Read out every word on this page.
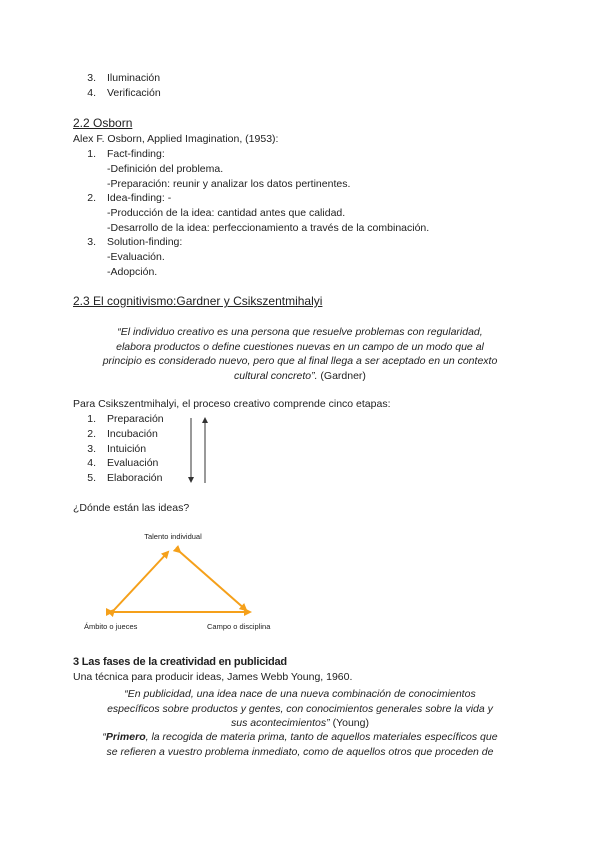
3. Iluminación
4. Verificación
2.2 Osborn
Alex F. Osborn, Applied Imagination, (1953):
1. Fact-finding:
-Definición del problema.
-Preparación: reunir y analizar los datos pertinentes.
2. Idea-finding: -
-Producción de la idea: cantidad antes que calidad.
-Desarrollo de la idea: perfeccionamiento a través de la combinación.
3. Solution-finding:
-Evaluación.
-Adopción.
2.3 El cognitivismo:Gardner y Csikszentmihalyi
“El individuo creativo es una persona que resuelve problemas con regularidad,
elabora productos o define cuestiones nuevas en un campo de un modo que al
principio es considerado nuevo, pero que al final llega a ser aceptado en un contexto
cultural concreto”. (Gardner)
Para Csikszentmihalyi, el proceso creativo comprende cinco etapas:
1. Preparación
2. Incubación
3. Intuición
4. Evaluación
5. Elaboración
¿Dónde están las ideas?
Talento individual
Ámbito o jueces	Campo o disciplina
3 Las fases de la creatividad en publicidad
Una técnica para producir ideas, James Webb Young, 1960.
“En publicidad, una idea nace de una nueva combinación de conocimientos
específicos sobre productos y gentes, con conocimientos generales sobre la vida y
sus acontecimientos” (Young)
“Primero, la recogida de materia prima, tanto de aquellos materiales específicos que
se refieren a vuestro problema inmediato, como de aquellos otros que proceden de
